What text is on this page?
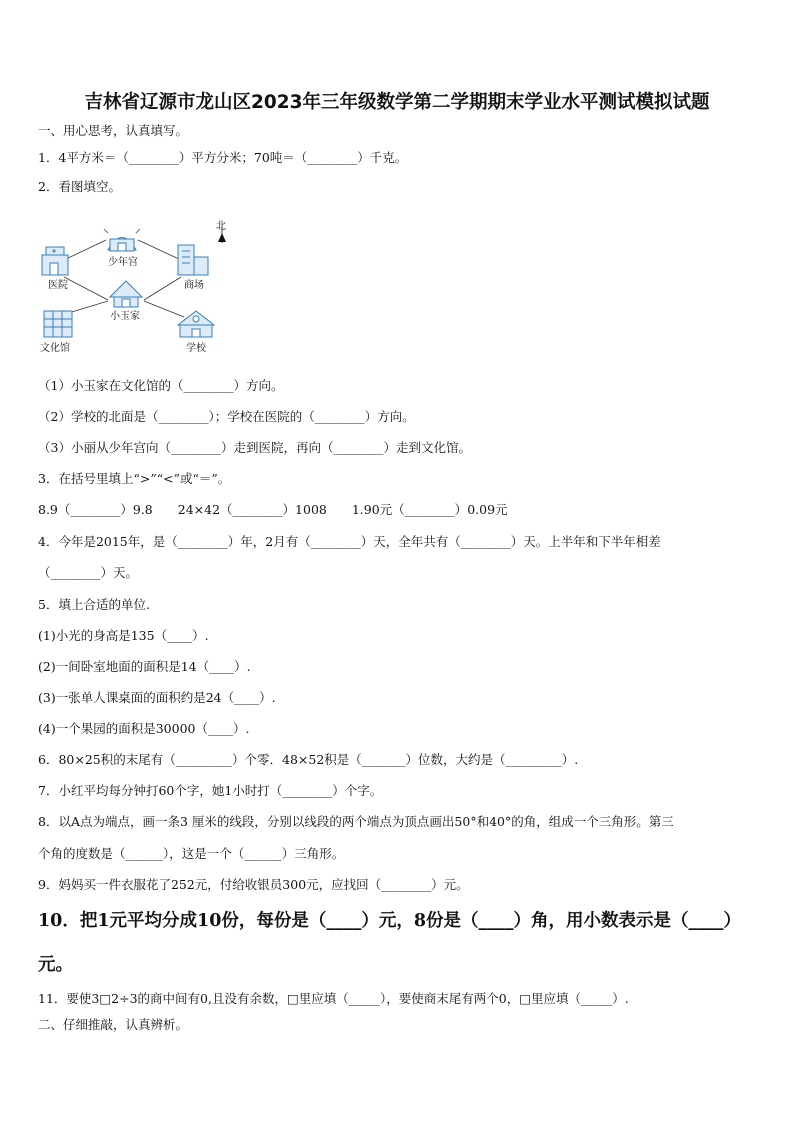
吉林省辽源市龙山区2023年三年级数学第二学期期末学业水平测试模拟试题
一、用心思考，认真填写。
1．4平方米＝（________）平方分米；70吨＝（________）千克。
2．看图填空。
北
少年宫
医院	商场
小玉家
文化馆	学校
（1）小玉家在文化馆的（________）方向。
（2）学校的北面是（________）；学校在医院的（________）方向。
（3）小丽从少年宫向（________）走到医院，再向（________）走到文化馆。
3．在括号里填上“>”“<”或“＝”。
8.9（________）9.8　　24×42（________）1008　　1.90元（________）0.09元
4．今年是2015年，是（________）年，2月有（________）天，全年共有（________）天。上半年和下半年相差
（________）天。
5．填上合适的单位.
(1)小光的身高是135（____）.
(2)一间卧室地面的面积是14（____）.
(3)一张单人课桌面的面积约是24（____）.
(4)一个果园的面积是30000（____）.
6．80×25积的末尾有（_________）个零．48×52积是（_______）位数，大约是（_________）.
7．小红平均每分钟打60个字，她1小时打（________）个字。
8．以A点为端点，画一条3 厘米的线段，分别以线段的两个端点为顶点画出50°和40°的角，组成一个三角形。第三
个角的度数是（______），这是一个（______）三角形。
9．妈妈买一件衣服花了252元，付给收银员300元，应找回（________）元。
10．把1元平均分成10份，每份是（____）元，8份是（____）角，用小数表示是（____）
元。
11．要使3□2÷3的商中间有0,且没有余数，□里应填（_____），要使商末尾有两个0，□里应填（_____）.
二、仔细推敲，认真辨析。
